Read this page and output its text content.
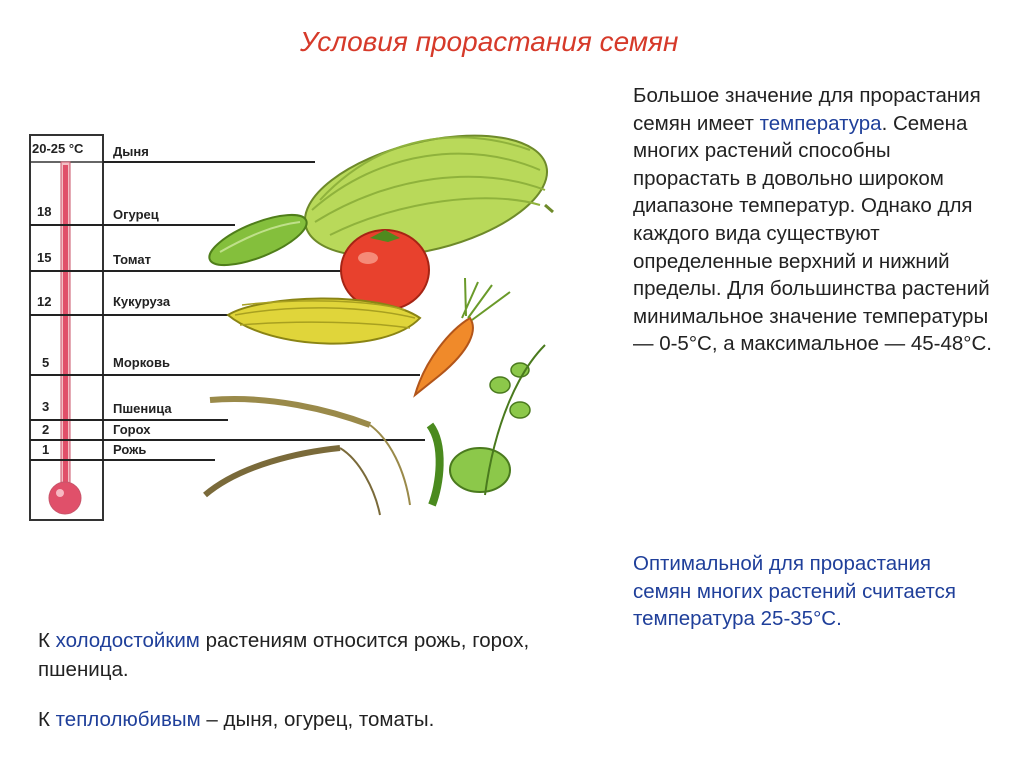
Условия прорастания семян
20-25 °С
18
15
12
5
3
2
1
Дыня
Огурец
Томат
Кукуруза
Морковь
Пшеница
Горох
Рожь
Большое значение для прорастания семян имеет температура. Семена многих растений способны прорастать в довольно широком диапазоне температур. Однако для каждого вида существуют определенные верхний и нижний пределы. Для большинства растений минимальное значение температуры — 0-5°С, а максимальное — 45-48°С.
Оптимальной для прорастания семян многих растений считается температура 25-35°С.
К холодостойким растениям относится рожь, горох, пшеница.
К теплолюбивым – дыня, огурец, томаты.
